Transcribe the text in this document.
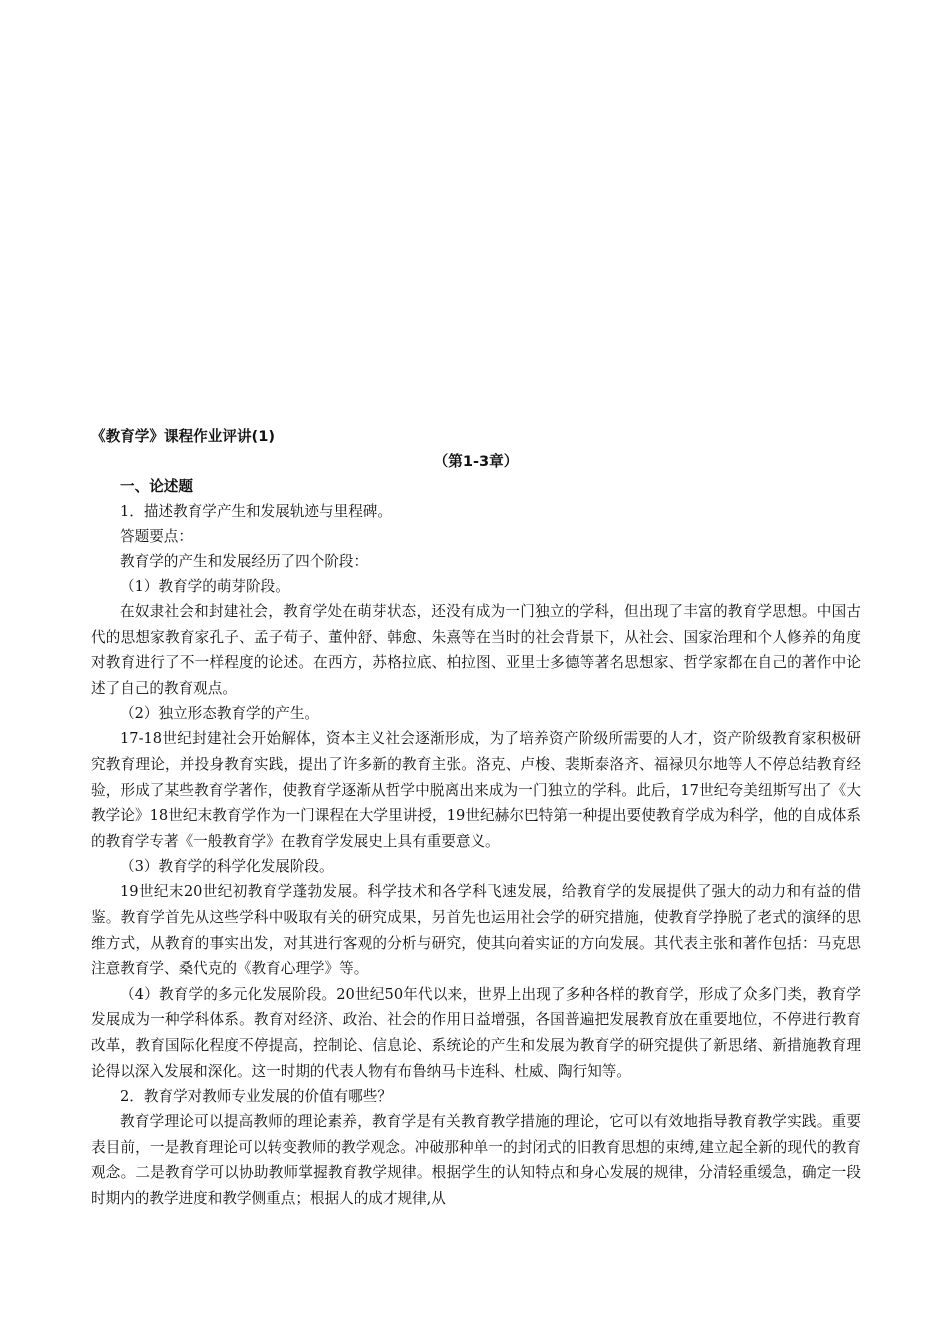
《教育学》课程作业评讲(1)
（第1-3章）
一、论述题
1．描述教育学产生和发展轨迹与里程碑。
答题要点：
教育学的产生和发展经历了四个阶段：
（1）教育学的萌芽阶段。

在奴隶社会和封建社会，教育学处在萌芽状态，还没有成为一门独立的学科，但出现了丰富的教育学思想。中国古代的思想家教育家孔子、孟子荀子、董仲舒、韩愈、朱熹等在当时的社会背景下，从社会、国家治理和个人修养的角度对教育进行了不一样程度的论述。在西方，苏格拉底、柏拉图、亚里士多德等著名思想家、哲学家都在自己的著作中论述了自己的教育观点。

（2）独立形态教育学的产生。

17-18世纪封建社会开始解体，资本主义社会逐渐形成，为了培养资产阶级所需要的人才，资产阶级教育家积极研究教育理论，并投身教育实践，提出了许多新的教育主张。洛克、卢梭、裴斯泰洛齐、福禄贝尔地等人不停总结教育经验，形成了某些教育学著作，使教育学逐渐从哲学中脱离出来成为一门独立的学科。此后，17世纪夸美纽斯写出了《大教学论》18世纪末教育学作为一门课程在大学里讲授，19世纪赫尔巴特第一种提出要使教育学成为科学，他的自成体系的教育学专著《一般教育学》在教育学发展史上具有重要意义。

（3）教育学的科学化发展阶段。

19世纪末20世纪初教育学蓬勃发展。科学技术和各学科飞速发展，给教育学的发展提供了强大的动力和有益的借鉴。教育学首先从这些学科中吸取有关的研究成果，另首先也运用社会学的研究措施，使教育学挣脱了老式的演绎的思维方式，从教育的事实出发，对其进行客观的分析与研究，使其向着实证的方向发展。其代表主张和著作包括：马克思注意教育学、桑代克的《教育心理学》等。

（4）教育学的多元化发展阶段。20世纪50年代以来，世界上出现了多种各样的教育学，形成了众多门类，教育学发展成为一种学科体系。教育对经济、政治、社会的作用日益增强，各国普遍把发展教育放在重要地位，不停进行教育改革，教育国际化程度不停提高，控制论、信息论、系统论的产生和发展为教育学的研究提供了新思绪、新措施教育理论得以深入发展和深化。这一时期的代表人物有布鲁纳马卡连科、杜威、陶行知等。

2．教育学对教师专业发展的价值有哪些？

教育学理论可以提高教师的理论素养，教育学是有关教育教学措施的理论，它可以有效地指导教育教学实践。重要表目前，一是教育理论可以转变教师的教学观念。冲破那种单一的封闭式的旧教育思想的束缚,建立起全新的现代的教育观念。二是教育学可以协助教师掌握教育教学规律。根据学生的认知特点和身心发展的规律，分清轻重缓急，确定一段时期内的教学进度和教学侧重点；根据人的成才规律,从
